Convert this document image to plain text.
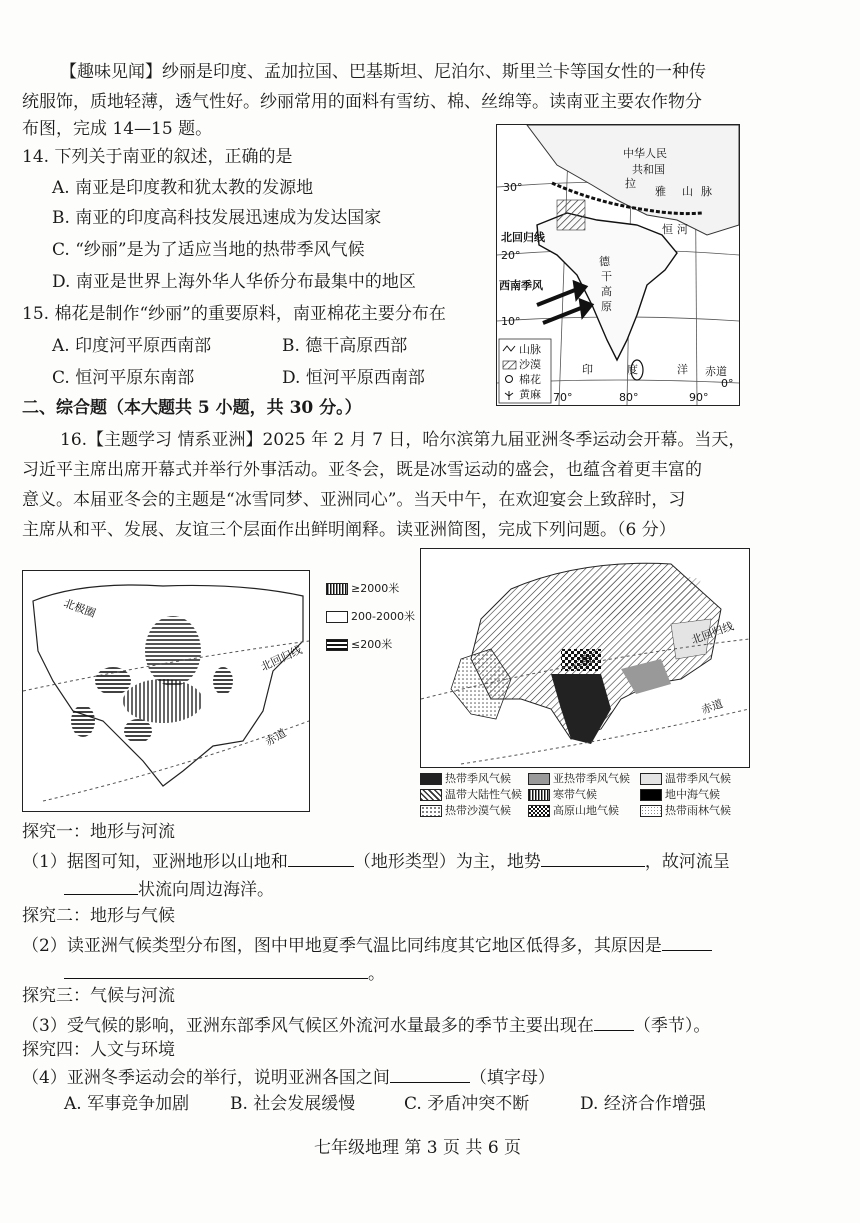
【趣味见闻】纱丽是印度、孟加拉国、巴基斯坦、尼泊尔、斯里兰卡等国女性的一种传
统服饰，质地轻薄，透气性好。纱丽常用的面料有雪纺、棉、丝绵等。读南亚主要农作物分
布图，完成 14—15 题。
14. 下列关于南亚的叙述，正确的是
A. 南亚是印度教和犹太教的发源地
B. 南亚的印度高科技发展迅速成为发达国家
C. “纱丽”是为了适应当地的热带季风气候
D. 南亚是世界上海外华人华侨分布最集中的地区
15. 棉花是制作“纱丽”的重要原料，南亚棉花主要分布在
A. 印度河平原西南部	B. 德干高原西部
C. 恒河平原东南部	D. 恒河平原西南部
中华人民
共和国
拉
雅 山 脉
恒 河
德
干
高
原
30°
20°
10°
北回归线
西南季风
印	度	洋 赤道
0°
70°	80°	90°
山脉
沙漠
棉花
黄麻
二、综合题（本大题共 5 小题，共 30 分。）
16.【主题学习 情系亚洲】2025 年 2 月 7 日，哈尔滨第九届亚洲冬季运动会开幕。当天，
习近平主席出席开幕式并举行外事活动。亚冬会，既是冰雪运动的盛会，也蕴含着更丰富的
意义。本届亚冬会的主题是“冰雪同梦、亚洲同心”。当天中午，在欢迎宴会上致辞时，习
主席从和平、发展、友谊三个层面作出鲜明阐释。读亚洲简图，完成下列问题。（6 分）
北回归线
赤道
北极圈
≥2000米
200-2000米
≤200米
甲
北回归线
赤道
热带季风气候	亚热带季风气候	温带季风气候
温带大陆性气候	寒带气候	地中海气候
热带沙漠气候	高原山地气候	热带雨林气候
探究一：地形与河流
（1）据图可知，亚洲地形以山地和	（地形类型）为主，地势	，故河流呈
状流向周边海洋。
探究二：地形与气候
（2）读亚洲气候类型分布图，图中甲地夏季气温比同纬度其它地区低得多，其原因是
。
探究三：气候与河流
（3）受气候的影响，亚洲东部季风气候区外流河水量最多的季节主要出现在 （季节）。
探究四：人文与环境
（4）亚洲冬季运动会的举行，说明亚洲各国之间	（填字母）
A. 军事竞争加剧 B. 社会发展缓慢	C. 矛盾冲突不断	D. 经济合作增强
七年级地理 第 3 页 共 6 页
